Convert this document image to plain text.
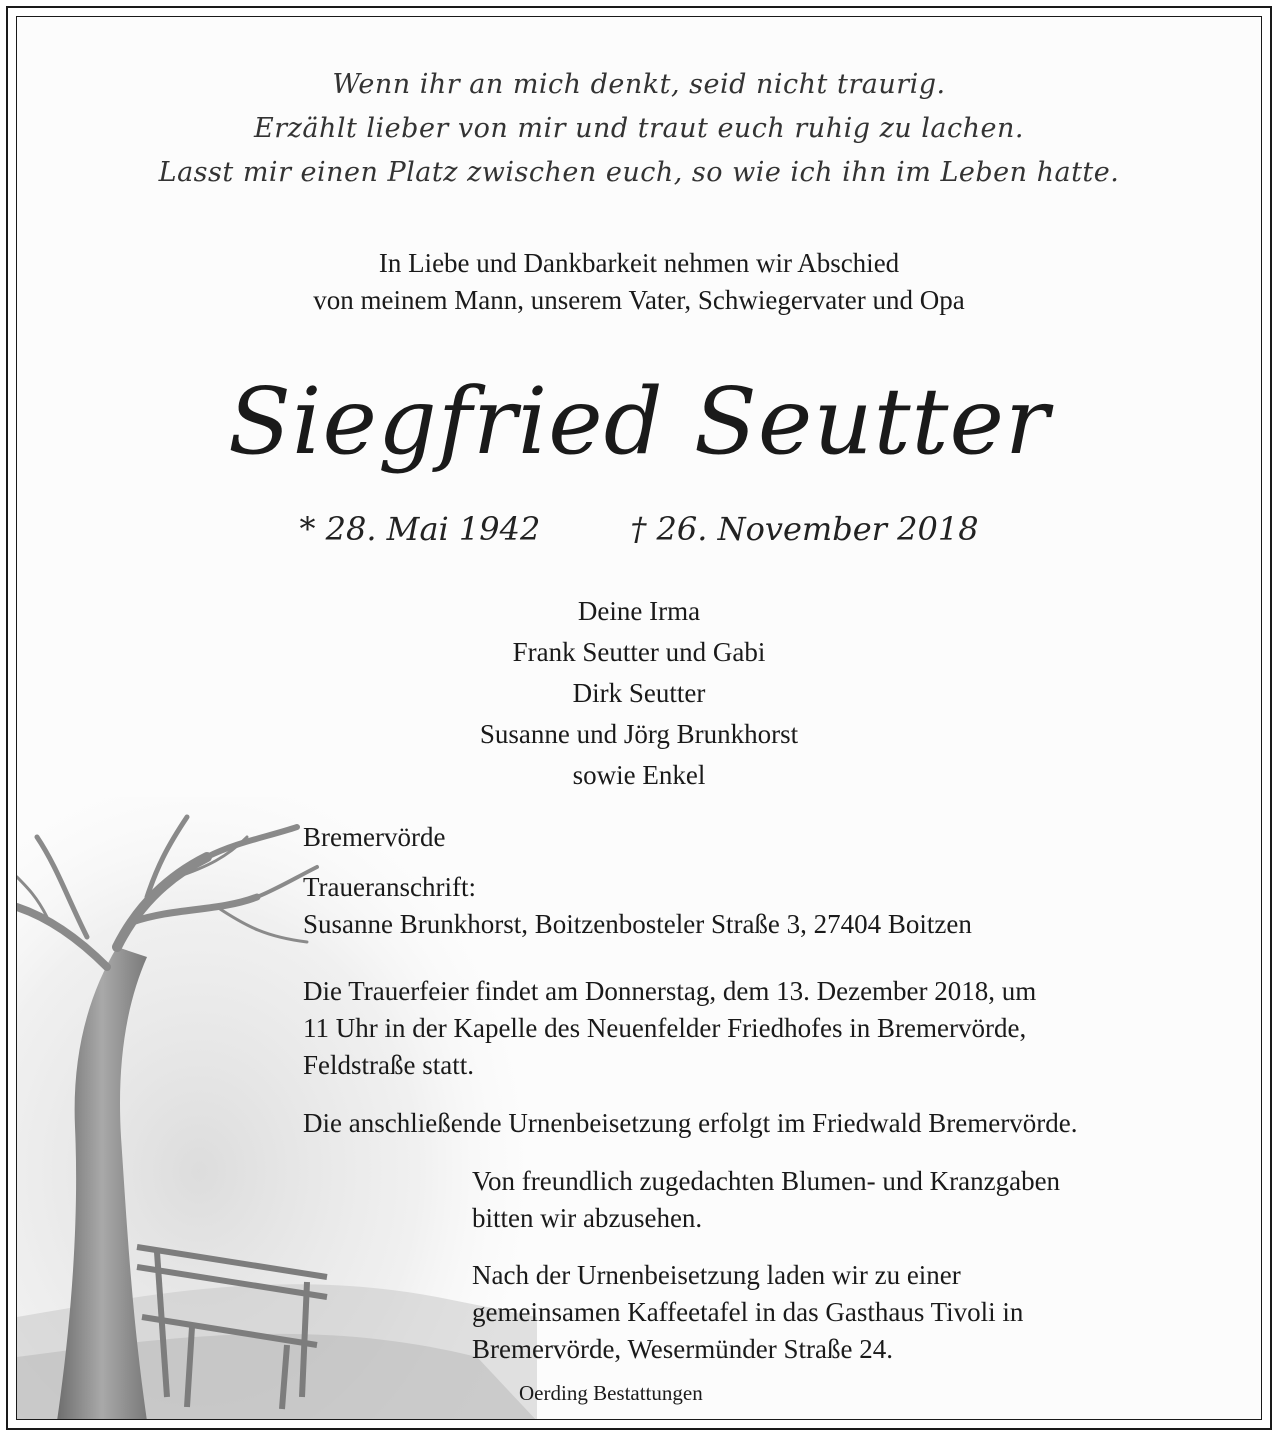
Wenn ihr an mich denkt, seid nicht traurig.
Erzählt lieber von mir und traut euch ruhig zu lachen.
Lasst mir einen Platz zwischen euch, so wie ich ihn im Leben hatte.
In Liebe und Dankbarkeit nehmen wir Abschied
von meinem Mann, unserem Vater, Schwiegervater und Opa
Siegfried Seutter
* 28. Mai 1942	† 26. November 2018
Deine Irma
Frank Seutter und Gabi
Dirk Seutter
Susanne und Jörg Brunkhorst
sowie Enkel
Bremervörde
Traueranschrift:
Susanne Brunkhorst, Boitzenbosteler Straße 3, 27404 Boitzen
Die Trauerfeier findet am Donnerstag, dem 13. Dezember 2018, um
11 Uhr in der Kapelle des Neuenfelder Friedhofes in Bremervörde,
Feldstraße statt.
Die anschließende Urnenbeisetzung erfolgt im Friedwald Bremervörde.
Von freundlich zugedachten Blumen- und Kranzgaben
bitten wir abzusehen.
Nach der Urnenbeisetzung laden wir zu einer
gemeinsamen Kaffeetafel in das Gasthaus Tivoli in
Bremervörde, Wesermünder Straße 24.
Oerding Bestattungen
